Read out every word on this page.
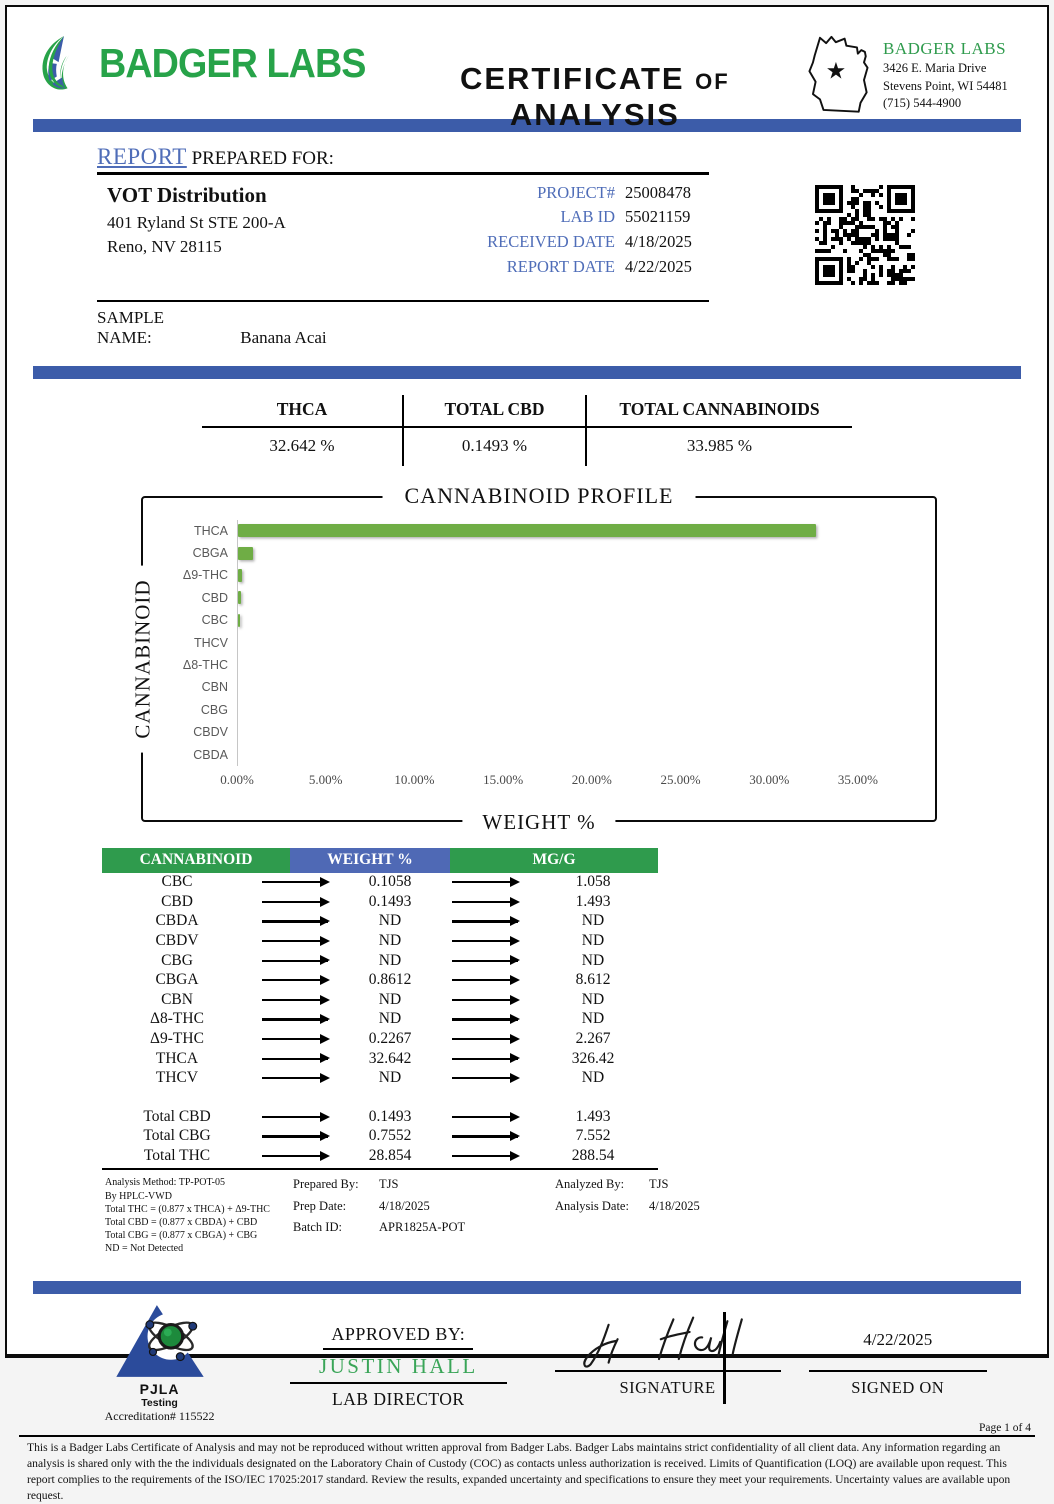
BADGER LABS	CERTIFICATE of ANALYSIS
★
BADGER LABS
3426 E. Maria Drive
Stevens Point, WI 54481
(715) 544-4900
REPORT PREPARED FOR:
VOT Distribution
401 Ryland St STE 200-A
Reno, NV 28115
PROJECT# 25008478
LAB ID 55021159
RECEIVED DATE 4/18/2025
REPORT DATE 4/22/2025
SAMPLE NAME:	Banana Acai
THCA	TOTAL CBD	TOTAL CANNABINOIDS
32.642 %	0.1493 %	33.985 %
CANNABINOID PROFILE
CANNABINOID
THCA
CBGA
Δ9-THC
CBD
CBC
THCV
Δ8-THC
CBN
CBG
CBDV
CBDA
0.00%	5.00%	10.00%	15.00%	20.00%	25.00%	30.00%	35.00%
WEIGHT %
CANNABINOID	WEIGHT %	MG/G
CBC	0.1058	1.058
CBD	0.1493	1.493
CBDA	ND	ND
CBDV	ND	ND
CBG	ND	ND
CBGA	0.8612	8.612
CBN	ND	ND
Δ8-THC	ND	ND
Δ9-THC	0.2267	2.267
THCA	32.642	326.42
THCV	ND	ND
Total CBD	0.1493	1.493
Total CBG	0.7552	7.552
Total THC	28.854	288.54
Analysis Method: TP-POT-05
By HPLC-VWD
Total THC = (0.877 x THCA) + Δ9-THC
Total CBD = (0.877 x CBDA) + CBD
Total CBG = (0.877 x CBGA) + CBG
ND = Not Detected
Prepared By:	TJS
Prep Date:	4/18/2025
Batch ID:	APR1825A-POT
Analyzed By:	TJS
Analysis Date:	4/18/2025
PJLA
Testing
Accreditation# 115522
APPROVED BY:
JUSTIN HALL
LAB DIRECTOR
SIGNATURE
4/22/2025
SIGNED ON
Page 1 of 4
This is a Badger Labs Certificate of Analysis and may not be reproduced without written approval from Badger Labs. Badger Labs maintains strict confidentiality of all client data. Any information regarding an analysis is shared only with the the individuals designated on the Laboratory Chain of Custody (COC) as contacts unless authorization is received. Limits of Quantification (LOQ) are available upon request. This report complies to the requirements of the ISO/IEC 17025:2017 standard. Review the results, expanded uncertainty and specifications to ensure they meet your requirements. Uncertainty values are available upon request.
